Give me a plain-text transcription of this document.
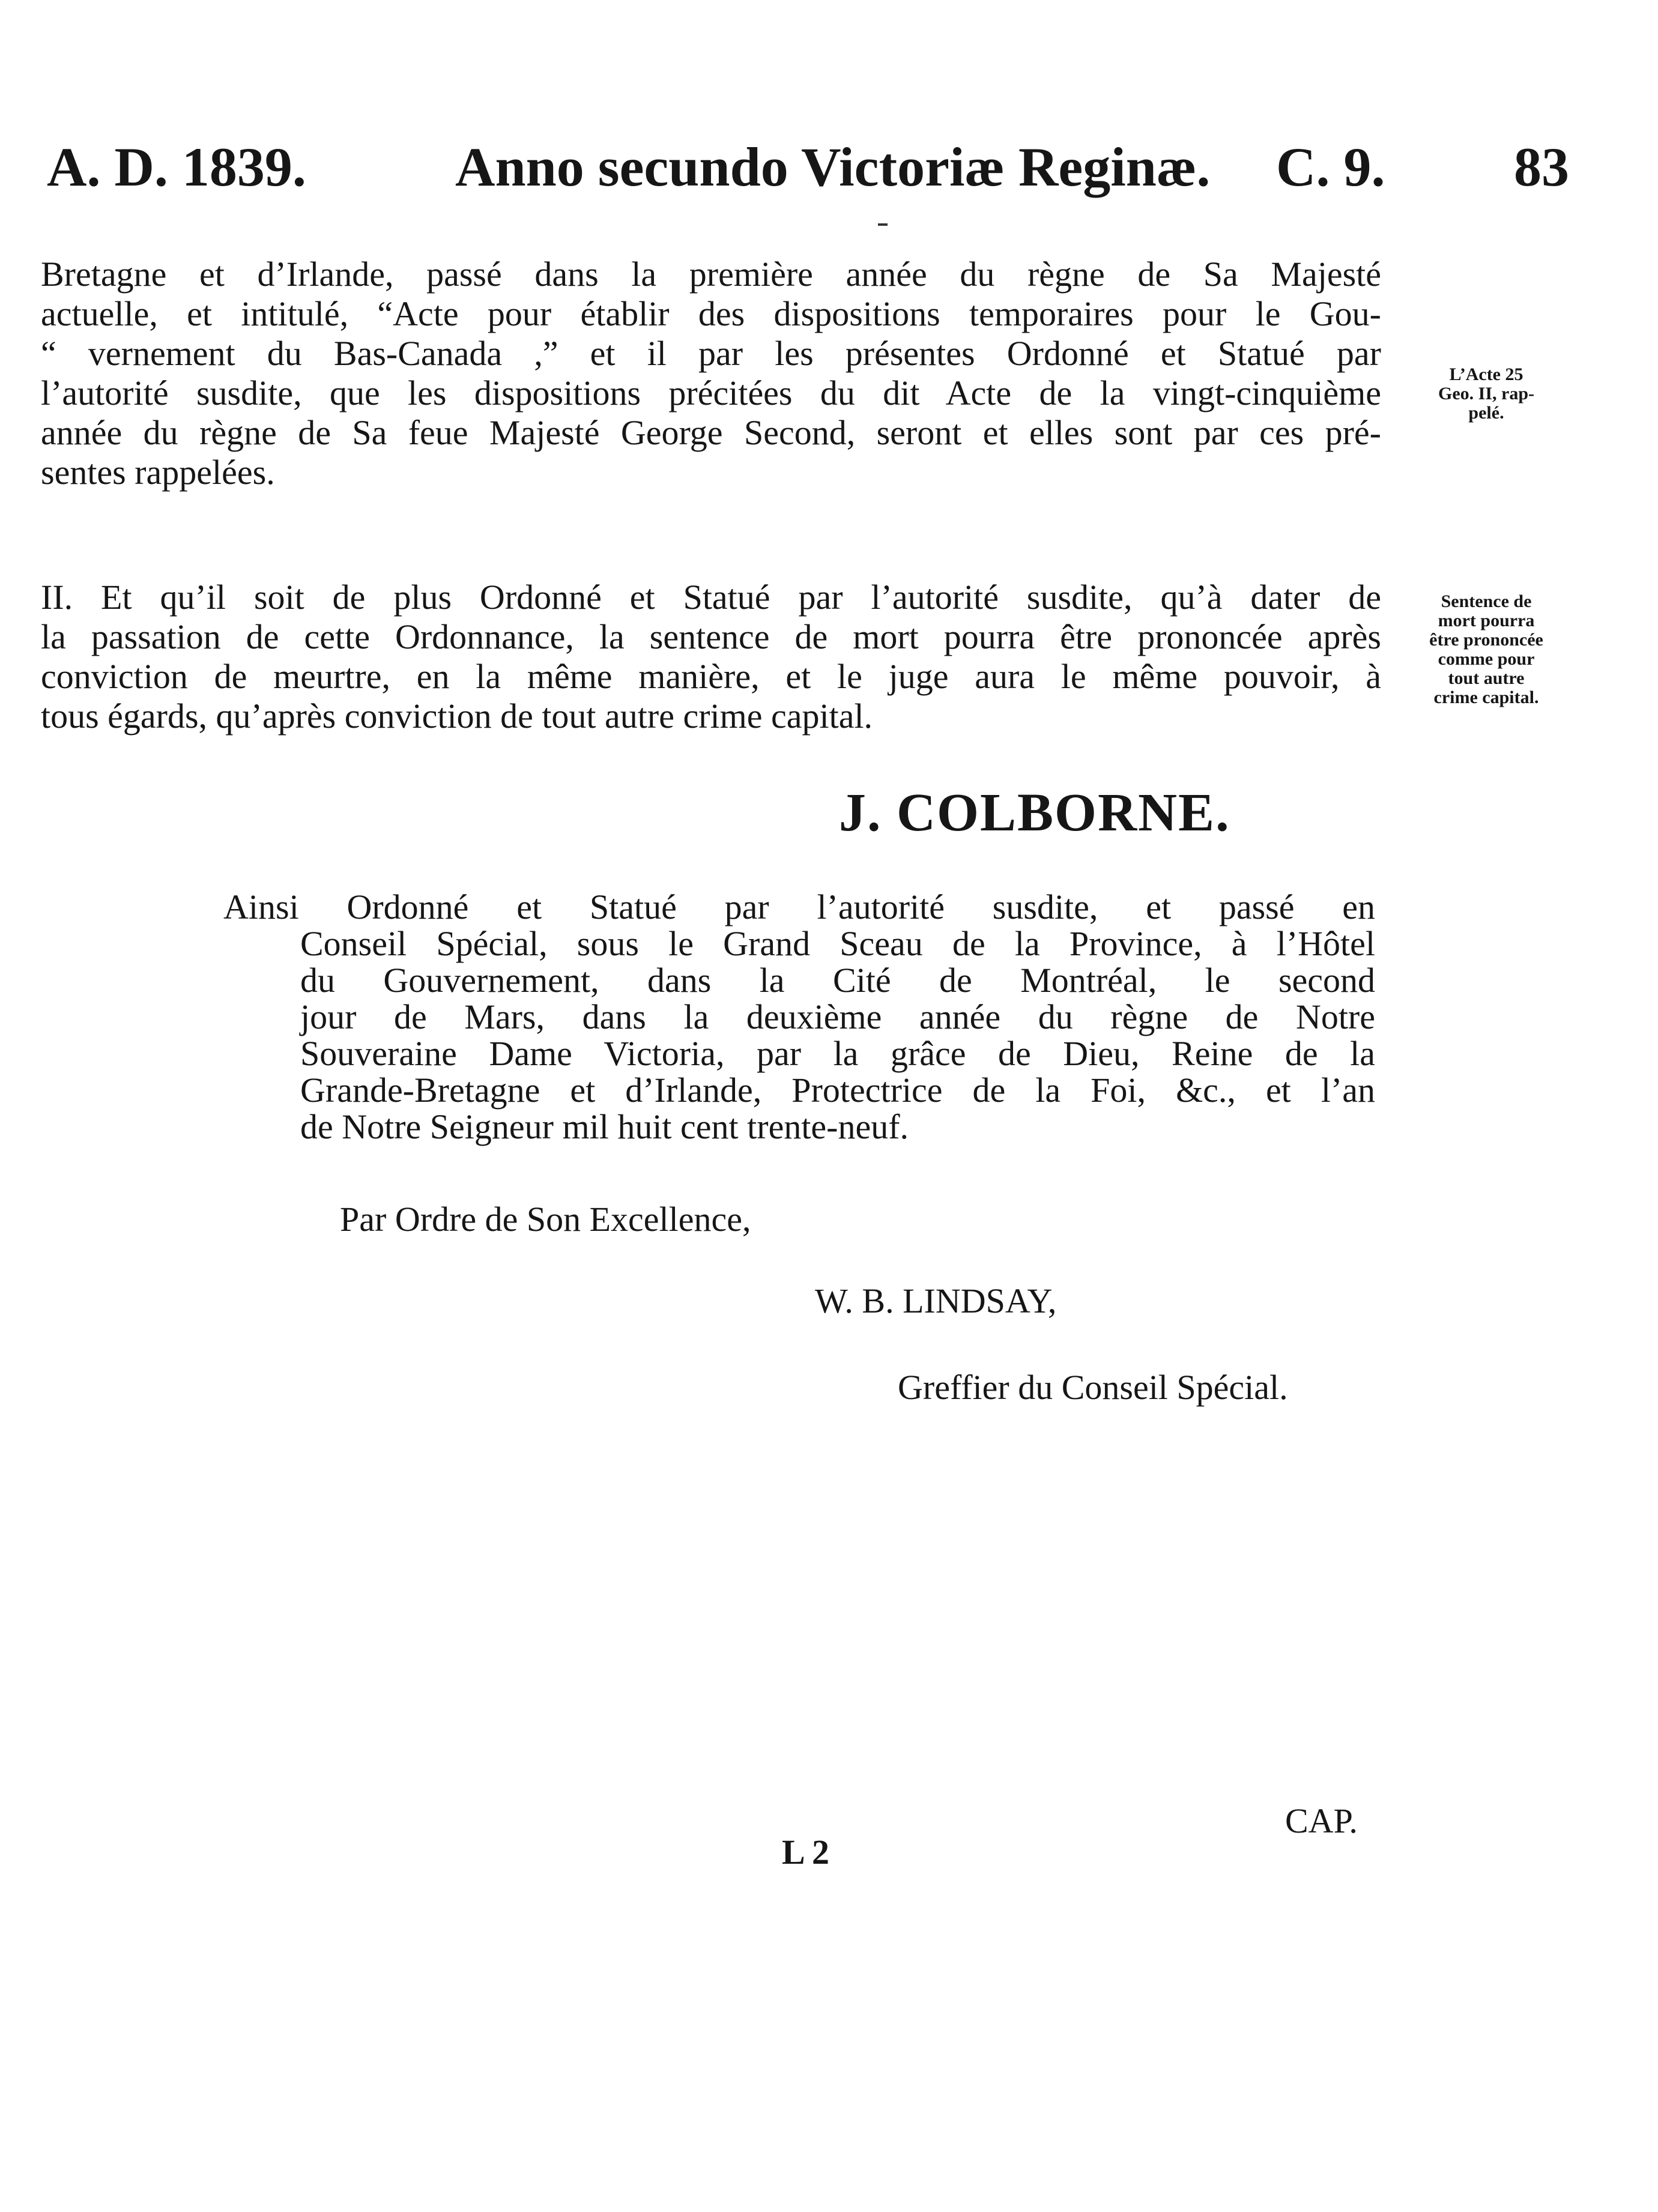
A. D. 1839.	Anno secundo Victoriæ Reginæ. C. 9. 83
Bretagne et d’Irlande, passé dans la première année du règne de Sa Majesté
actuelle, et intitulé, “Acte pour établir des dispositions temporaires pour le Gou-
“ vernement du Bas-Canada ,” et il par les présentes Ordonné et Statué par
l’autorité susdite, que les dispositions précitées du dit Acte de la vingt-cinquième
année du règne de Sa feue Majesté George Second, seront et elles sont par ces pré-
sentes rappelées.
L’Acte 25
Geo. II, rap-
pelé.
II. Et qu’il soit de plus Ordonné et Statué par l’autorité susdite, qu’à dater de
la passation de cette Ordonnance, la sentence de mort pourra être prononcée après
conviction de meurtre, en la même manière, et le juge aura le même pouvoir, à
tous égards, qu’après conviction de tout autre crime capital.
Sentence de
mort pourra
être prononcée
comme pour
tout autre
crime capital.
J. COLBORNE.
Ainsi Ordonné et Statué par l’autorité susdite, et passé en
Conseil Spécial, sous le Grand Sceau de la Province, à l’Hôtel
du Gouvernement, dans la Cité de Montréal, le second
jour de Mars, dans la deuxième année du règne de Notre
Souveraine Dame Victoria, par la grâce de Dieu, Reine de la
Grande-Bretagne et d’Irlande, Protectrice de la Foi, &c., et l’an
de Notre Seigneur mil huit cent trente-neuf.
Par Ordre de Son Excellence,
W. B. LINDSAY,
Greffier du Conseil Spécial.
L 2
CAP.
